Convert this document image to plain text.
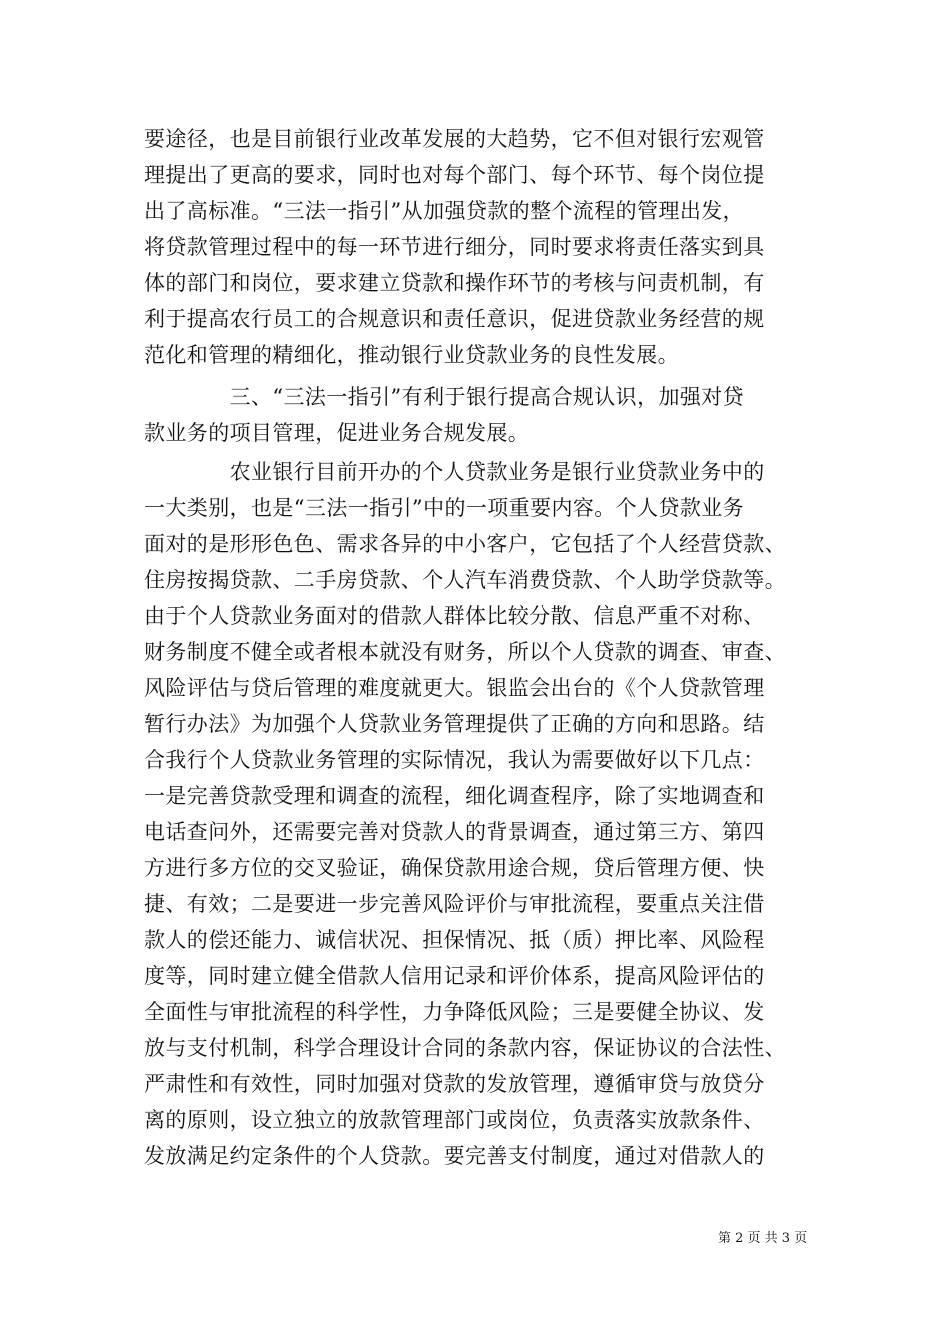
要途径，也是目前银行业改革发展的大趋势，它不但对银行宏观管
理提出了更高的要求，同时也对每个部门、每个环节、每个岗位提
出了高标准。“三法一指引”从加强贷款的整个流程的管理出发，
将贷款管理过程中的每一环节进行细分，同时要求将责任落实到具
体的部门和岗位，要求建立贷款和操作环节的考核与问责机制，有
利于提高农行员工的合规意识和责任意识，促进贷款业务经营的规
范化和管理的精细化，推动银行业贷款业务的良性发展。
　　　　三、“三法一指引”有利于银行提高合规认识，加强对贷
款业务的项目管理，促进业务合规发展。
　　　　农业银行目前开办的个人贷款业务是银行业贷款业务中的
一大类别，也是“三法一指引”中的一项重要内容。个人贷款业务
面对的是形形色色、需求各异的中小客户，它包括了个人经营贷款、
住房按揭贷款、二手房贷款、个人汽车消费贷款、个人助学贷款等。
由于个人贷款业务面对的借款人群体比较分散、信息严重不对称、
财务制度不健全或者根本就没有财务，所以个人贷款的调查、审查、
风险评估与贷后管理的难度就更大。银监会出台的《个人贷款管理
暂行办法》为加强个人贷款业务管理提供了正确的方向和思路。结
合我行个人贷款业务管理的实际情况，我认为需要做好以下几点：
一是完善贷款受理和调查的流程，细化调查程序，除了实地调查和
电话查问外，还需要完善对贷款人的背景调查，通过第三方、第四
方进行多方位的交叉验证，确保贷款用途合规，贷后管理方便、快
捷、有效；二是要进一步完善风险评价与审批流程，要重点关注借
款人的偿还能力、诚信状况、担保情况、抵（质）押比率、风险程
度等，同时建立健全借款人信用记录和评价体系，提高风险评估的
全面性与审批流程的科学性，力争降低风险；三是要健全协议、发
放与支付机制，科学合理设计合同的条款内容，保证协议的合法性、
严肃性和有效性，同时加强对贷款的发放管理，遵循审贷与放贷分
离的原则，设立独立的放款管理部门或岗位，负责落实放款条件、
发放满足约定条件的个人贷款。要完善支付制度，通过对借款人的
第 2 页 共 3 页
